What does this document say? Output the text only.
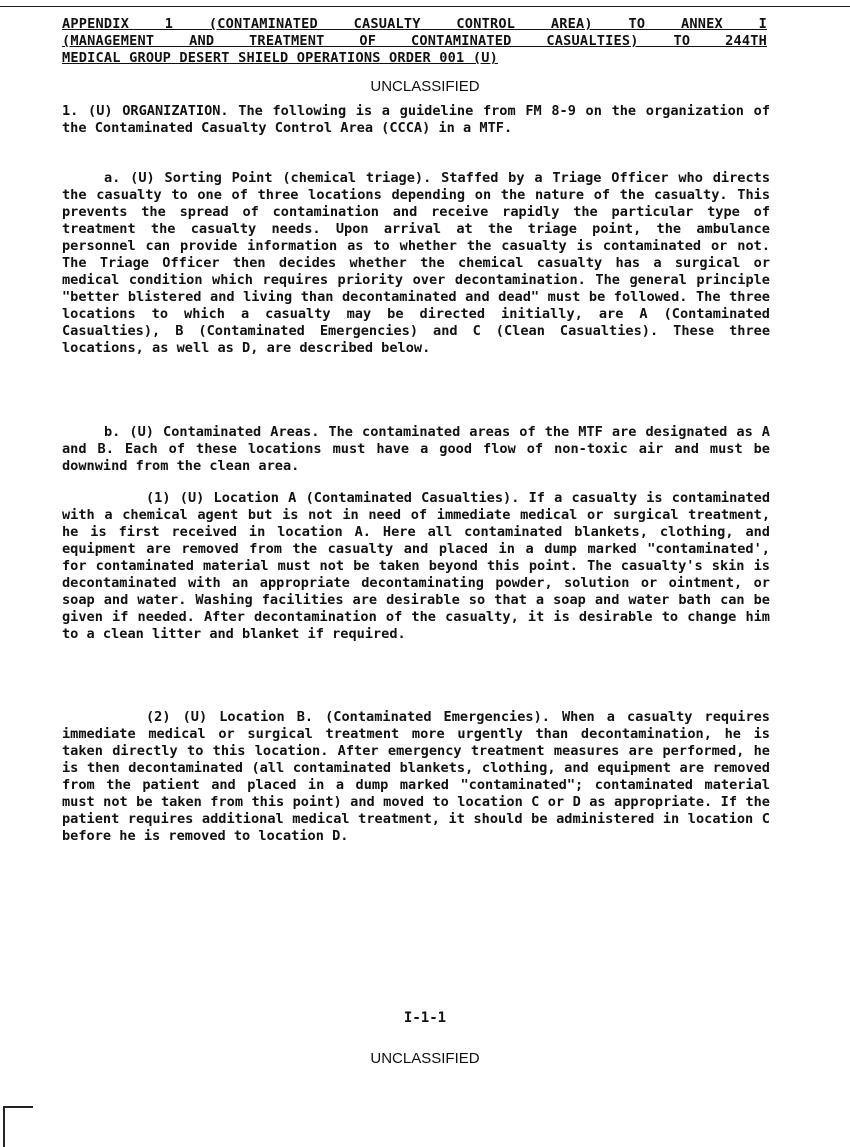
APPENDIX 1 (CONTAMINATED CASUALTY CONTROL AREA) TO ANNEX I
(MANAGEMENT AND TREATMENT OF CONTAMINATED CASUALTIES) TO 244TH
MEDICAL GROUP DESERT SHIELD OPERATIONS ORDER 001 (U)
UNCLASSIFIED

1. (U) ORGANIZATION. The following is a guideline from FM 8-9 on the organization of the Contaminated Casualty Control Area (CCCA) in a MTF.

a. (U) Sorting Point (chemical triage). Staffed by a Triage Officer who directs the casualty to one of three locations depending on the nature of the casualty. This prevents the spread of contamination and receive rapidly the particular type of treatment the casualty needs. Upon arrival at the triage point, the ambulance personnel can provide information as to whether the casualty is contaminated or not. The Triage Officer then decides whether the chemical casualty has a surgical or medical condition which requires priority over decontamination. The general principle "better blistered and living than decontaminated and dead" must be followed. The three locations to which a casualty may be directed initially, are A (Contaminated Casualties), B (Contaminated Emergencies) and C (Clean Casualties). These three locations, as well as D, are described below.

b. (U) Contaminated Areas. The contaminated areas of the MTF are designated as A and B. Each of these locations must have a good flow of non-toxic air and must be downwind from the clean area.

(1) (U) Location A (Contaminated Casualties). If a casualty is contaminated with a chemical agent but is not in need of immediate medical or surgical treatment, he is first received in location A. Here all contaminated blankets, clothing, and equipment are removed from the casualty and placed in a dump marked "contaminated', for contaminated material must not be taken beyond this point. The casualty's skin is decontaminated with an appropriate decontaminating powder, solution or ointment, or soap and water. Washing facilities are desirable so that a soap and water bath can be given if needed. After decontamination of the casualty, it is desirable to change him to a clean litter and blanket if required.

(2) (U) Location B. (Contaminated Emergencies). When a casualty requires immediate medical or surgical treatment more urgently than decontamination, he is taken directly to this location. After emergency treatment measures are performed, he is then decontaminated (all contaminated blankets, clothing, and equipment are removed from the patient and placed in a dump marked "contaminated"; contaminated material must not be taken from this point) and moved to location C or D as appropriate. If the patient requires additional medical treatment, it should be administered in location C before he is removed to location D.

I-1-1
UNCLASSIFIED
